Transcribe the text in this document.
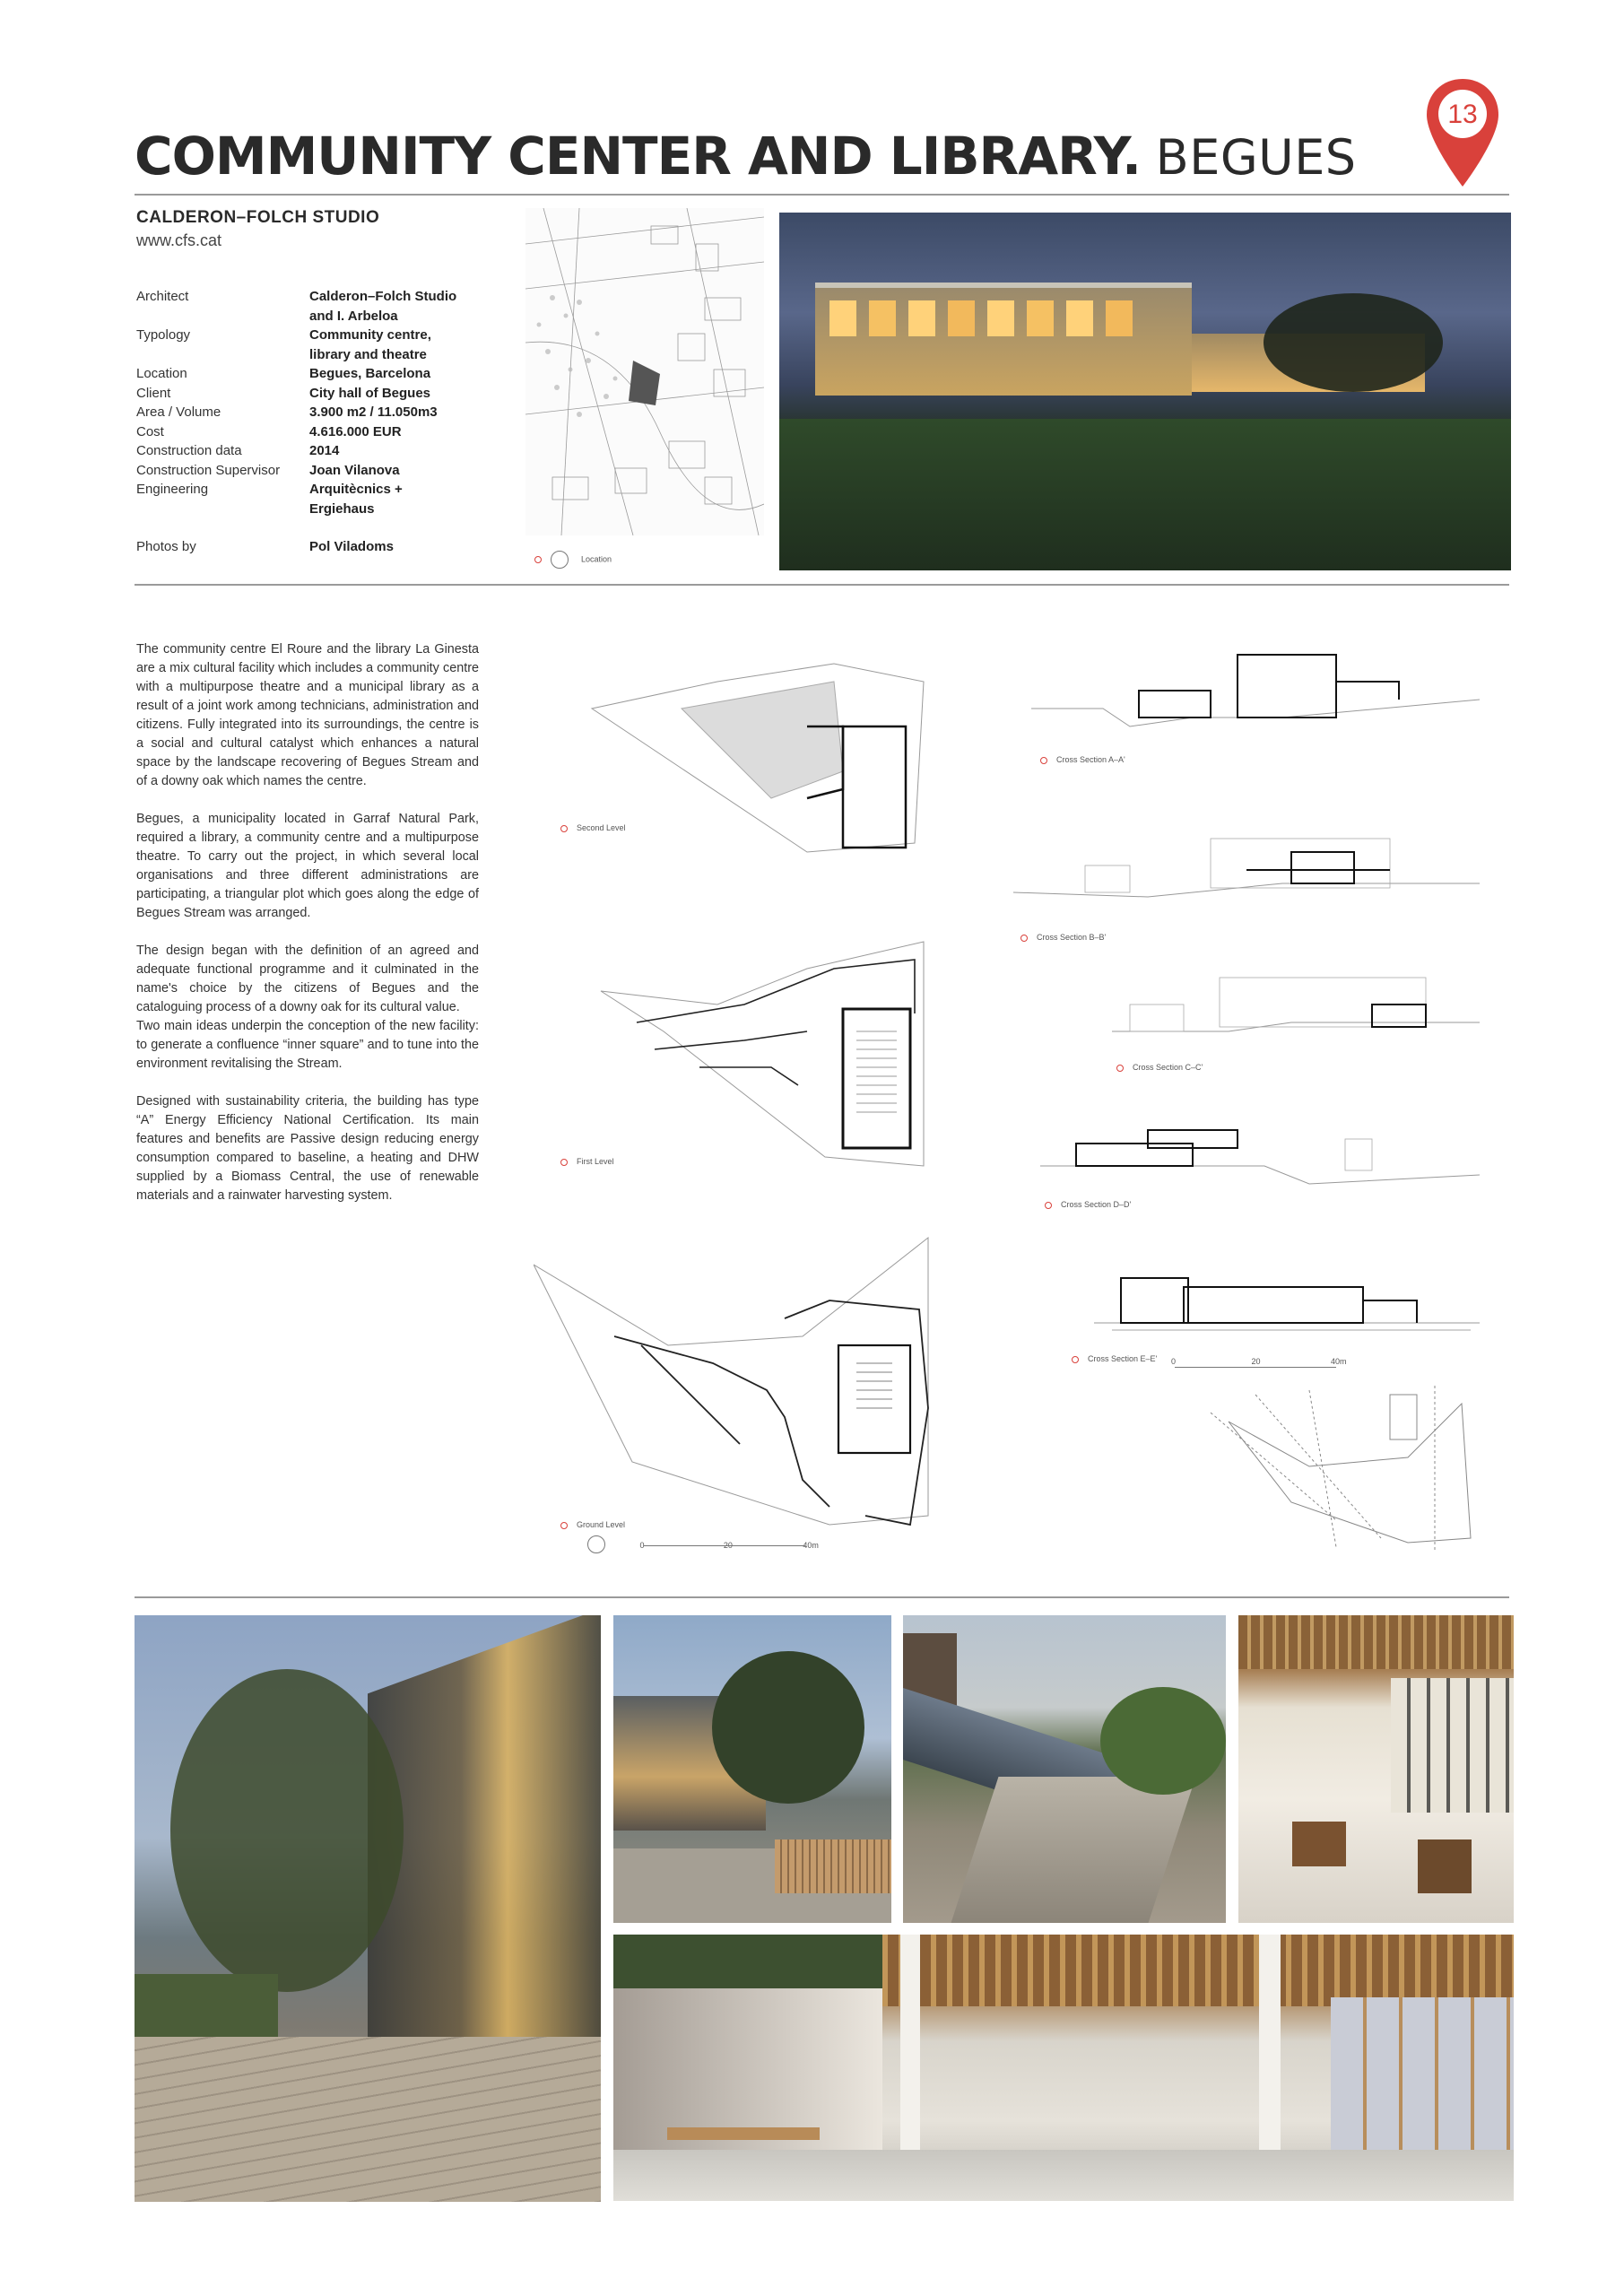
COMMUNITY CENTER AND LIBRARY. BEGUES
13
CALDERON–FOLCH STUDIO
www.cfs.cat
Architect	Calderon–Folch Studio and I. Arbeloa
Typology	Community centre, library and theatre
Location	Begues, Barcelona
Client	City hall of Begues
Area / Volume	3.900 m2 / 11.050m3
Cost	4.616.000 EUR
Construction data	2014
Construction Supervisor	Joan Vilanova
Engineering	Arquitècnics + Ergiehaus
Photos by	Pol Viladoms
Location

The community centre El Roure and the library La Ginesta are a mix cultural facility which includes a community centre with a multipurpose theatre and a municipal library as a result of a joint work among technicians, administration and citizens. Fully integrated into its surroundings, the centre is a social and cultural catalyst which enhances a natural space by the landscape recovering of Begues Stream and of a downy oak which names the centre.

Begues, a municipality located in Garraf Natural Park, required a library, a community centre and a multipurpose theatre. To carry out the project, in which several local organisations and three different administrations are participating, a triangular plot which goes along the edge of Begues Stream was arranged.

The design began with the definition of an agreed and adequate functional programme and it culminated in the name's choice by the citizens of Begues and the cataloguing process of a downy oak for its cultural value.

Two main ideas underpin the conception of the new facility: to generate a confluence “inner square” and to tune into the environment revitalising the Stream.

Designed with sustainability criteria, the building has type “A” Energy Efficiency National Certification. Its main features and benefits are Passive design reducing energy consumption compared to baseline, a heating and DHW supplied by a Biomass Central, the use of renewable materials and a rainwater harvesting system.

Second Level
First Level
Ground Level
0	20	40m
Cross Section A–A'
Cross Section B–B'
Cross Section C–C'
Cross Section D–D'
Cross Section E–E' 0	20	40m
